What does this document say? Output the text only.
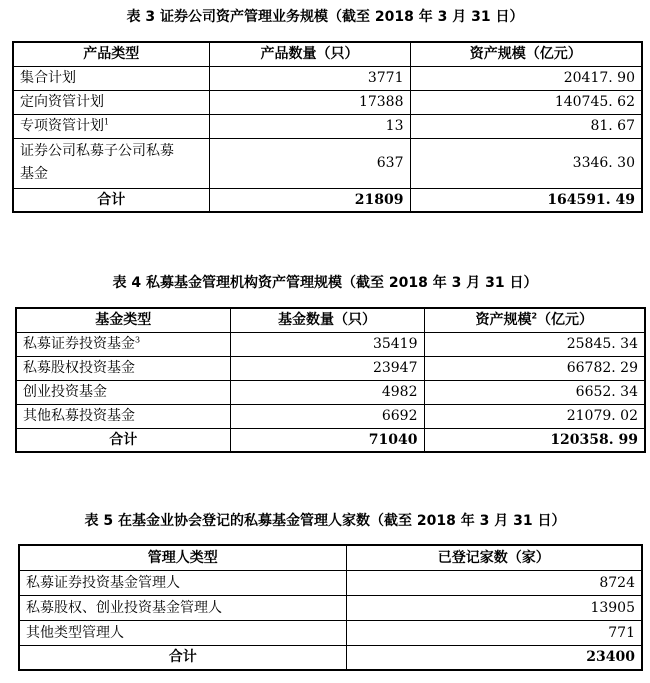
表 3 证券公司资产管理业务规模（截至 2018 年 3 月 31 日）
产品类型	产品数量（只）	资产规模（亿元）
集合计划	3771	20417. 90
定向资管计划	17388	140745. 62
专项资管计划$^1$	13	81. 67
证券公司私募子公司私募
基金	637	3346. 30
合计	21809	164591. 49
表 4 私募基金管理机构资产管理规模（截至 2018 年 3 月 31 日）
基金类型	基金数量（只）	资产规模$^2$（亿元）
私募证券投资基金$^3$	35419	25845. 34
私募股权投资基金	23947	66782. 29
创业投资基金	4982	6652. 34
其他私募投资基金	6692	21079. 02
合计	71040	120358. 99
表 5 在基金业协会登记的私募基金管理人家数（截至 2018 年 3 月 31 日）
管理人类型	已登记家数（家）
私募证券投资基金管理人	8724
私募股权、创业投资基金管理人	13905
其他类型管理人	771
合计	23400
